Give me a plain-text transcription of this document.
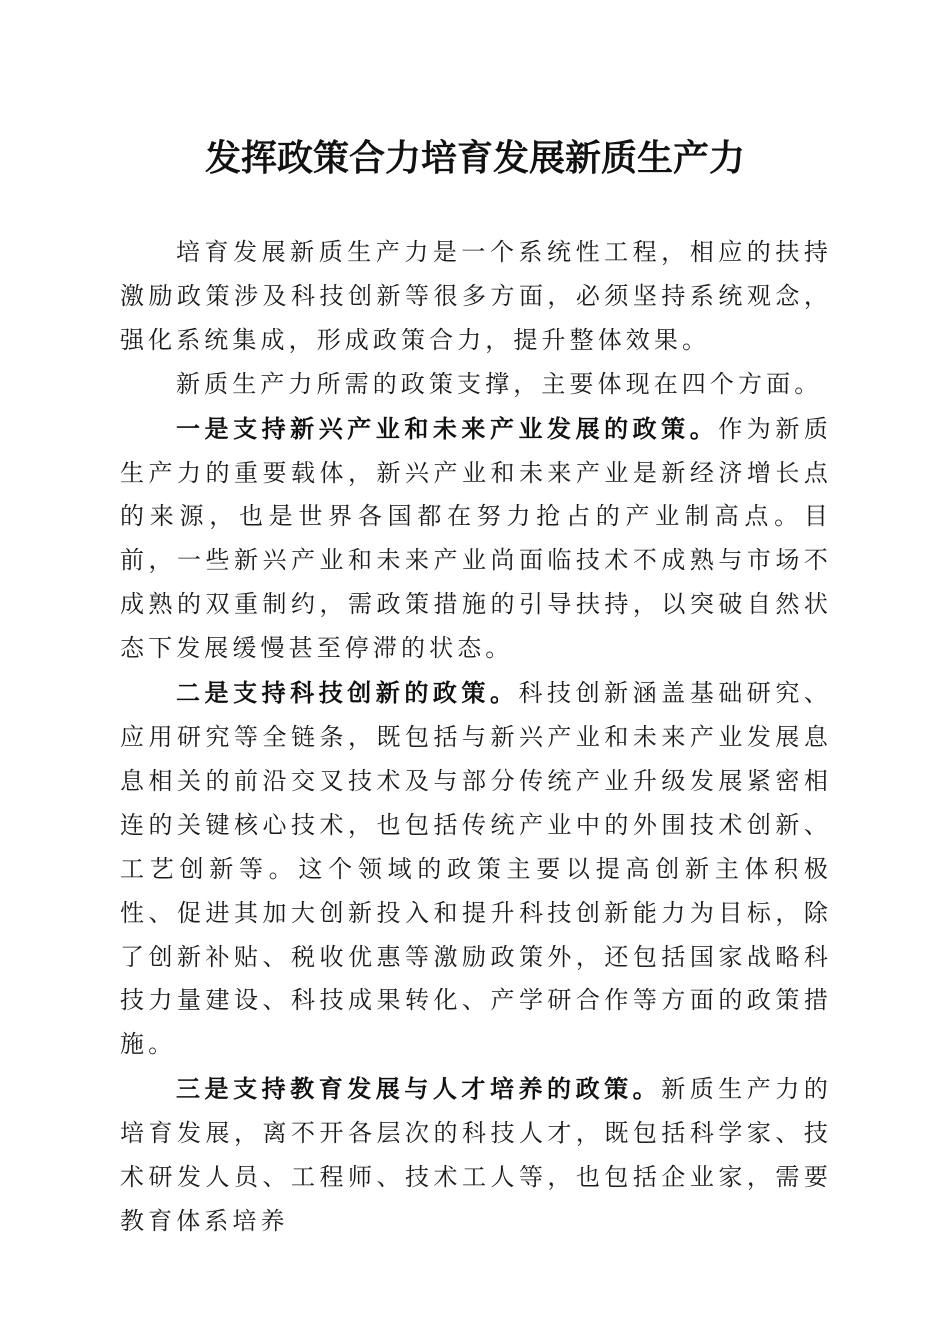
发挥政策合力培育发展新质生产力

培育发展新质生产力是一个系统性工程，相应的扶持激励政策涉及科技创新等很多方面，必须坚持系统观念，强化系统集成，形成政策合力，提升整体效果。

新质生产力所需的政策支撑，主要体现在四个方面。

一是支持新兴产业和未来产业发展的政策。作为新质生产力的重要载体，新兴产业和未来产业是新经济增长点的来源，也是世界各国都在努力抢占的产业制高点。目前，一些新兴产业和未来产业尚面临技术不成熟与市场不成熟的双重制约，需政策措施的引导扶持，以突破自然状态下发展缓慢甚至停滞的状态。

二是支持科技创新的政策。科技创新涵盖基础研究、应用研究等全链条，既包括与新兴产业和未来产业发展息息相关的前沿交叉技术及与部分传统产业升级发展紧密相连的关键核心技术，也包括传统产业中的外围技术创新、工艺创新等。这个领域的政策主要以提高创新主体积极性、促进其加大创新投入和提升科技创新能力为目标，除了创新补贴、税收优惠等激励政策外，还包括国家战略科技力量建设、科技成果转化、产学研合作等方面的政策措施。

三是支持教育发展与人才培养的政策。新质生产力的培育发展，离不开各层次的科技人才，既包括科学家、技术研发人员、工程师、技术工人等，也包括企业家，需要教育体系培养
